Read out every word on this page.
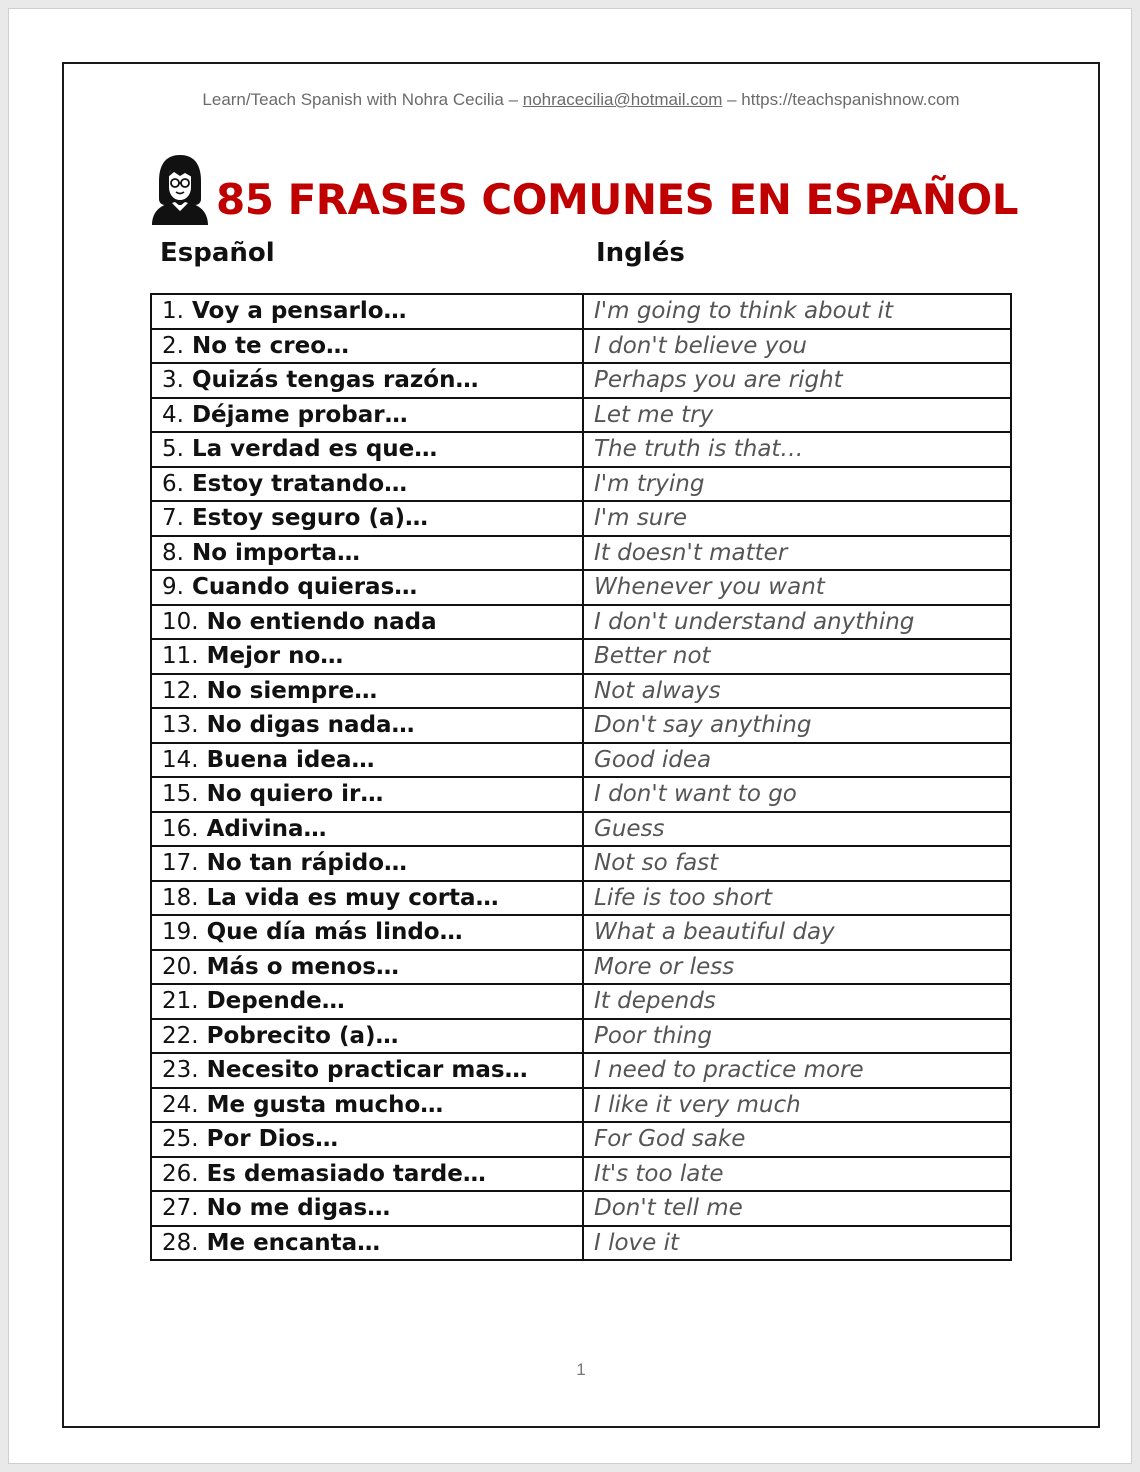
Learn/Teach Spanish with Nohra Cecilia – nohracecilia@hotmail.com – https://teachspanishnow.com
85 FRASES COMUNES EN ESPAÑOL
Español	Inglés
1. Voy a pensarlo…	I'm going to think about it
2. No te creo…	I don't believe you
3. Quizás tengas razón…	Perhaps you are right
4. Déjame probar…	Let me try
5. La verdad es que…	The truth is that…
6. Estoy tratando…	I'm trying
7. Estoy seguro (a)…	I'm sure
8. No importa…	It doesn't matter
9. Cuando quieras…	Whenever you want
10. No entiendo nada	I don't understand anything
11. Mejor no…	Better not
12. No siempre…	Not always
13. No digas nada…	Don't say anything
14. Buena idea…	Good idea
15. No quiero ir…	I don't want to go
16. Adivina…	Guess
17. No tan rápido…	Not so fast
18. La vida es muy corta…	Life is too short
19. Que día más lindo…	What a beautiful day
20. Más o menos…	More or less
21. Depende…	It depends
22. Pobrecito (a)…	Poor thing
23. Necesito practicar mas…	I need to practice more
24. Me gusta mucho…	I like it very much
25. Por Dios…	For God sake
26. Es demasiado tarde…	It's too late
27. No me digas…	Don't tell me
28. Me encanta…	I love it
1
